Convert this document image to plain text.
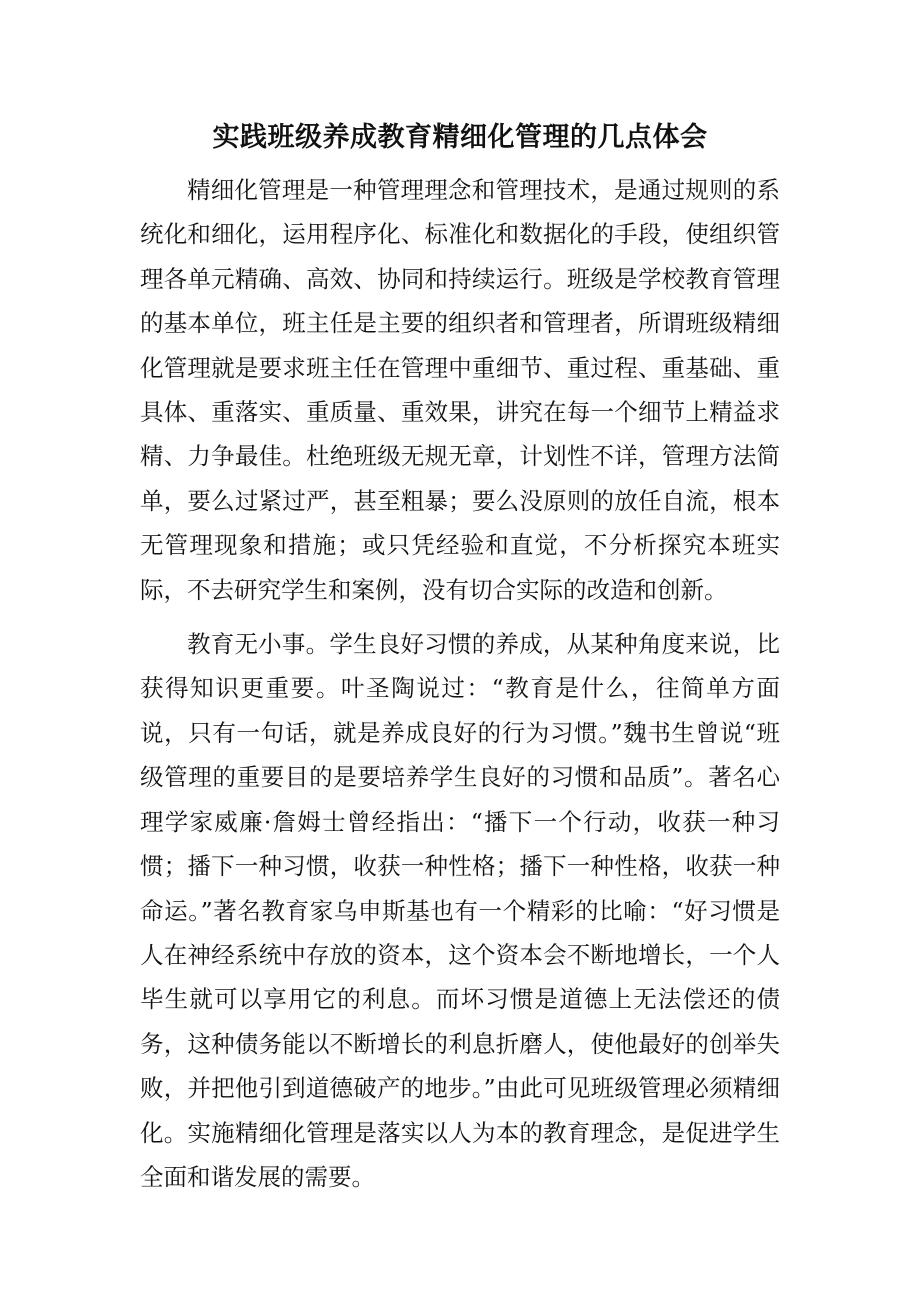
实践班级养成教育精细化管理的几点体会

精细化管理是一种管理理念和管理技术，是通过规则的系统化和细化，运用程序化、标准化和数据化的手段，使组织管理各单元精确、高效、协同和持续运行。班级是学校教育管理的基本单位，班主任是主要的组织者和管理者，所谓班级精细化管理就是要求班主任在管理中重细节、重过程、重基础、重具体、重落实、重质量、重效果，讲究在每一个细节上精益求精、力争最佳。杜绝班级无规无章，计划性不详，管理方法简单，要么过紧过严，甚至粗暴；要么没原则的放任自流，根本无管理现象和措施；或只凭经验和直觉，不分析探究本班实际，不去研究学生和案例，没有切合实际的改造和创新。

教育无小事。学生良好习惯的养成，从某种角度来说，比获得知识更重要。叶圣陶说过：“教育是什么，往简单方面说，只有一句话，就是养成良好的行为习惯。”魏书生曾说“班级管理的重要目的是要培养学生良好的习惯和品质”。著名心理学家威廉·詹姆士曾经指出：“播下一个行动，收获一种习惯；播下一种习惯，收获一种性格；播下一种性格，收获一种命运。”著名教育家乌申斯基也有一个精彩的比喻：“好习惯是人在神经系统中存放的资本，这个资本会不断地增长，一个人毕生就可以享用它的利息。而坏习惯是道德上无法偿还的债务，这种债务能以不断增长的利息折磨人，使他最好的创举失败，并把他引到道德破产的地步。”由此可见班级管理必须精细化。实施精细化管理是落实以人为本的教育理念，是促进学生全面和谐发展的需要。
